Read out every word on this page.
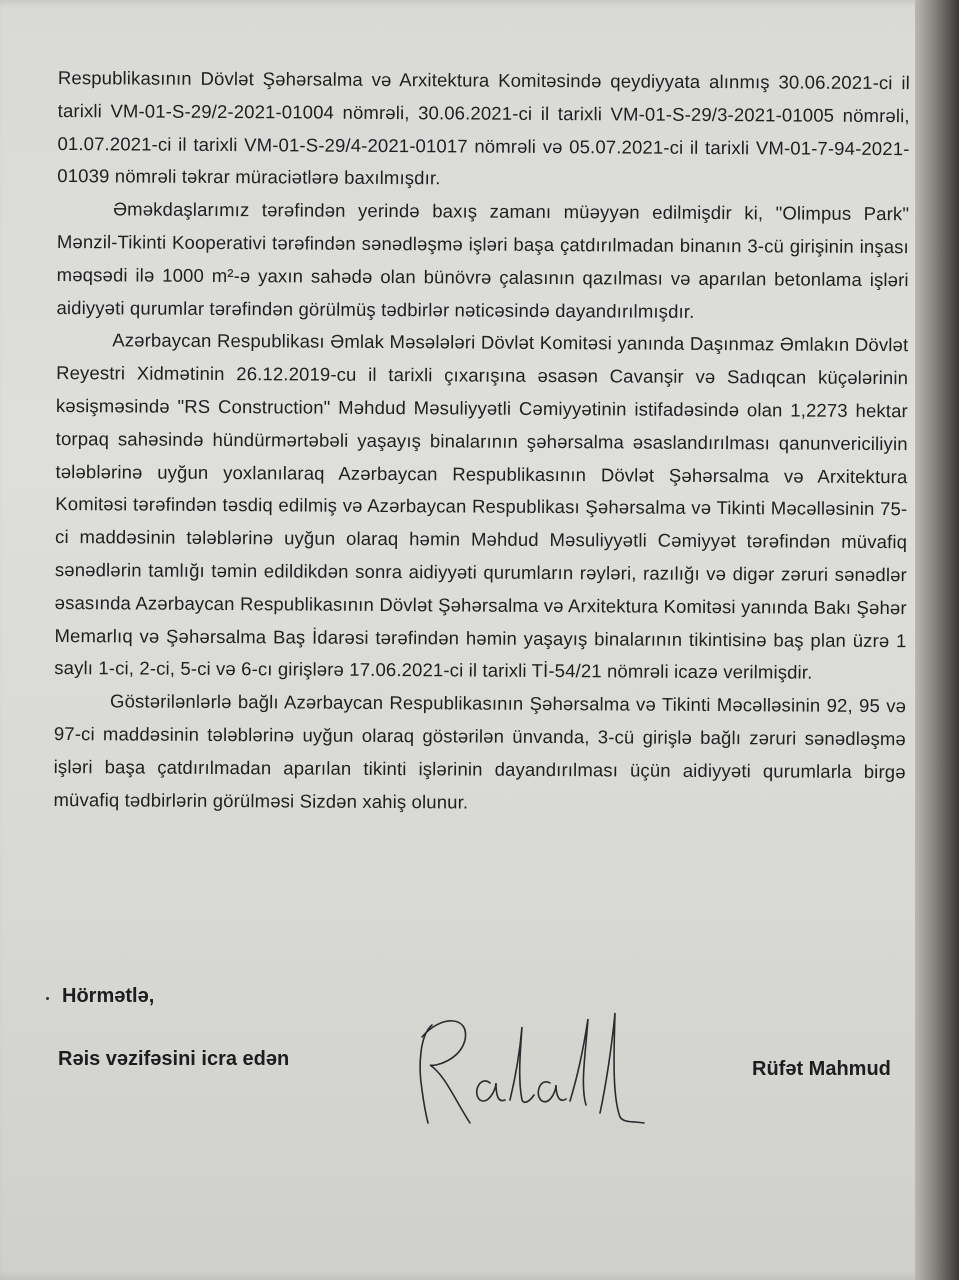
Respublikasının Dövlət Şəhərsalma və Arxitektura Komitəsində qeydiyyata alınmış 30.06.2021-ci il tarixli VM-01-S-29/2-2021-01004 nömrəli, 30.06.2021-ci il tarixli VM-01-S-29/3-2021-01005 nömrəli, 01.07.2021-ci il tarixli VM-01-S-29/4-2021-01017 nömrəli və 05.07.2021-ci il tarixli VM-01-7-94-2021-01039 nömrəli təkrar müraciətlərə baxılmışdır.

Əməkdaşlarımız tərəfindən yerində baxış zamanı müəyyən edilmişdir ki, "Olimpus Park" Mənzil-Tikinti Kooperativi tərəfindən sənədləşmə işləri başa çatdırılmadan binanın 3-cü girişinin inşası məqsədi ilə 1000 m²-ə yaxın sahədə olan bünövrə çalasının qazılması və aparılan betonlama işləri aidiyyəti qurumlar tərəfindən görülmüş tədbirlər nəticəsində dayandırılmışdır.

Azərbaycan Respublikası Əmlak Məsələləri Dövlət Komitəsi yanında Daşınmaz Əmlakın Dövlət Reyestri Xidmətinin 26.12.2019-cu il tarixli çıxarışına əsasən Cavanşir və Sadıqcan küçələrinin kəsişməsində "RS Construction" Məhdud Məsuliyyətli Cəmiyyətinin istifadəsində olan 1,2273 hektar torpaq sahəsində hündürmərtəbəli yaşayış binalarının şəhərsalma əsaslandırılması qanunvericiliyin tələblərinə uyğun yoxlanılaraq Azərbaycan Respublikasının Dövlət Şəhərsalma və Arxitektura Komitəsi tərəfindən təsdiq edilmiş və Azərbaycan Respublikası Şəhərsalma və Tikinti Məcəlləsinin 75-ci maddəsinin tələblərinə uyğun olaraq həmin Məhdud Məsuliyyətli Cəmiyyət tərəfindən müvafiq sənədlərin tamlığı təmin edildikdən sonra aidiyyəti qurumların rəyləri, razılığı və digər zəruri sənədlər əsasında Azərbaycan Respublikasının Dövlət Şəhərsalma və Arxitektura Komitəsi yanında Bakı Şəhər Memarlıq və Şəhərsalma Baş İdarəsi tərəfindən həmin yaşayış binalarının tikintisinə baş plan üzrə 1 saylı 1-ci, 2-ci, 5-ci və 6-cı girişlərə 17.06.2021-ci il tarixli Tİ-54/21 nömrəli icazə verilmişdir.

Göstərilənlərlə bağlı Azərbaycan Respublikasının Şəhərsalma və Tikinti Məcəlləsinin 92, 95 və 97-ci maddəsinin tələblərinə uyğun olaraq göstərilən ünvanda, 3-cü girişlə bağlı zəruri sənədləşmə işləri başa çatdırılmadan aparılan tikinti işlərinin dayandırılması üçün aidiyyəti qurumlarla birgə müvafiq tədbirlərin görülməsi Sizdən xahiş olunur.

Hörmətlə,
Rəis vəzifəsini icra edən	Rüfət Mahmud
